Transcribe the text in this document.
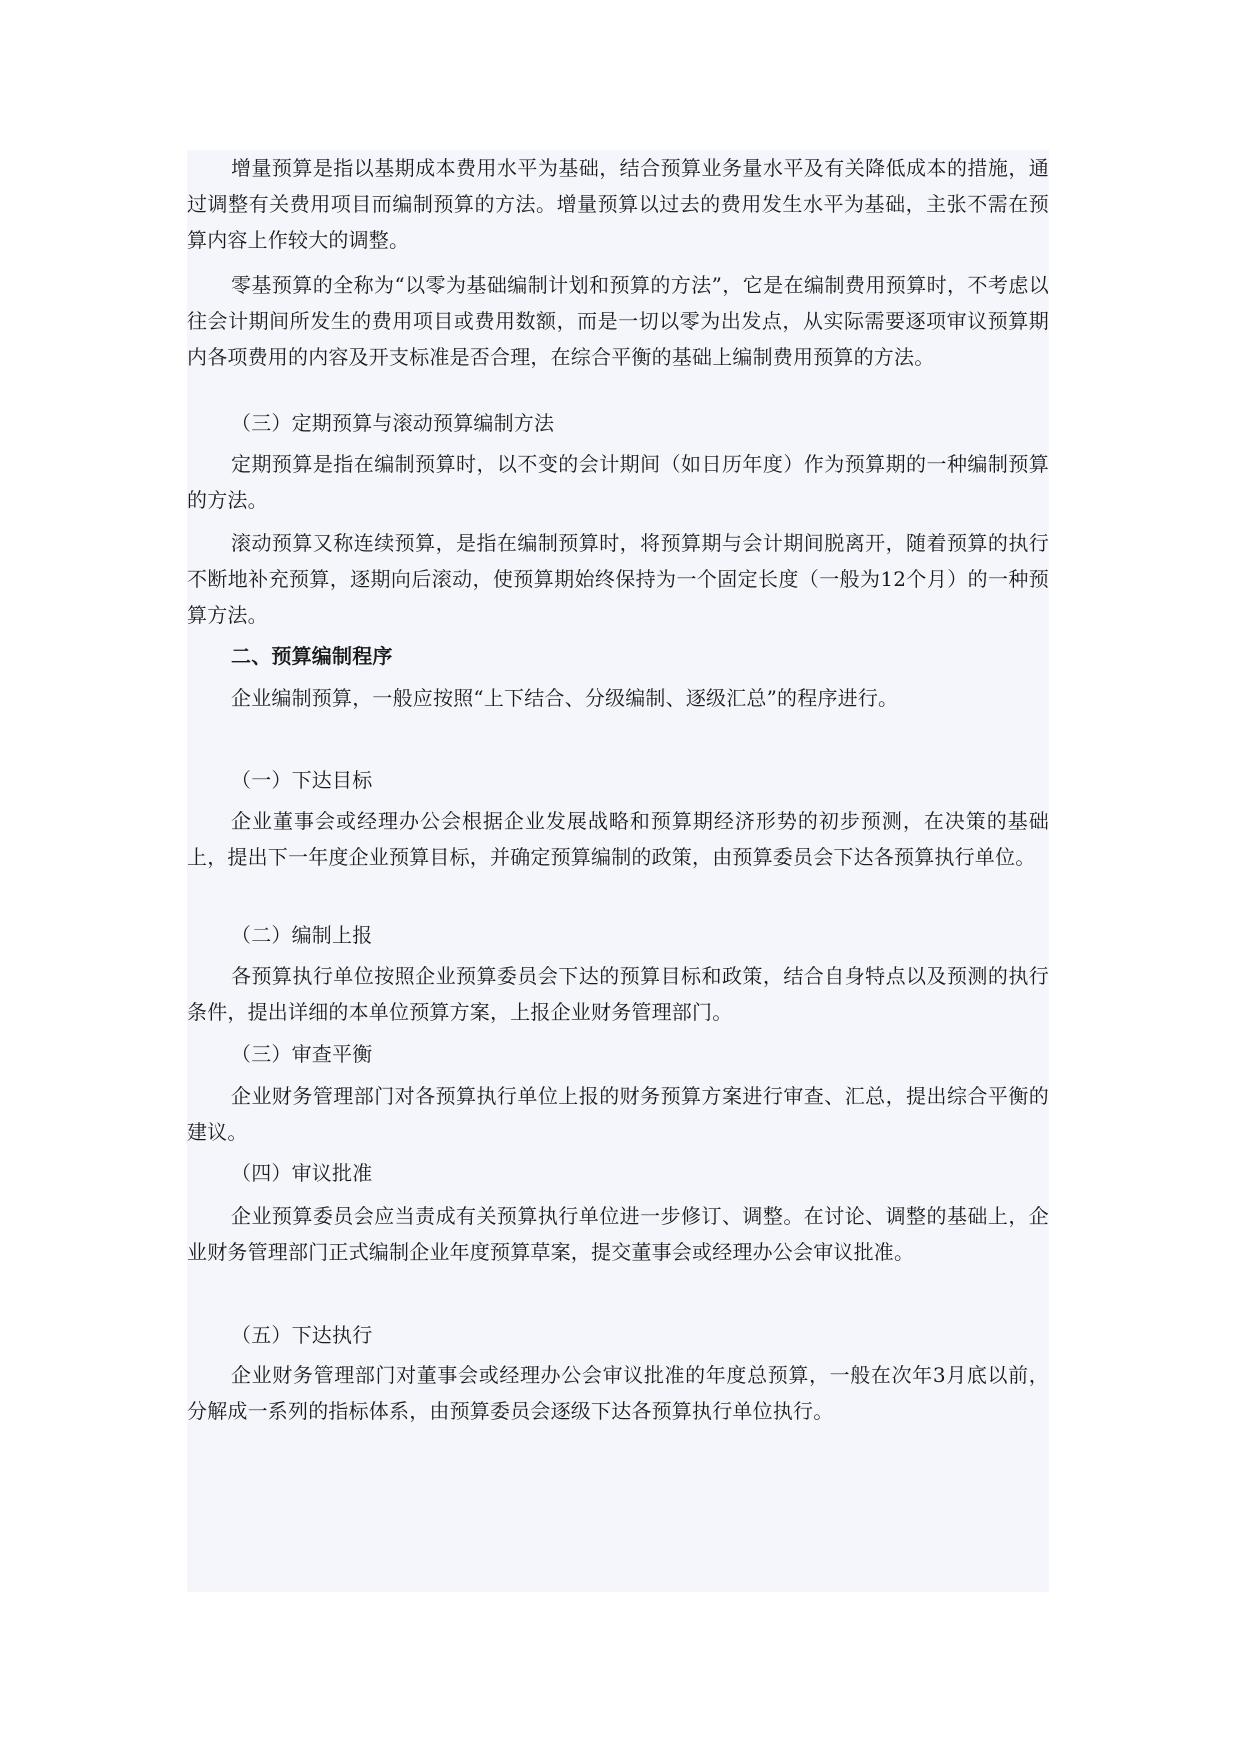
增量预算是指以基期成本费用水平为基础，结合预算业务量水平及有关降低成本的措施，通过调整有关费用项目而编制预算的方法。增量预算以过去的费用发生水平为基础，主张不需在预算内容上作较大的调整。
零基预算的全称为“以零为基础编制计划和预算的方法”，它是在编制费用预算时，不考虑以往会计期间所发生的费用项目或费用数额，而是一切以零为出发点，从实际需要逐项审议预算期内各项费用的内容及开支标准是否合理，在综合平衡的基础上编制费用预算的方法。
（三）定期预算与滚动预算编制方法
定期预算是指在编制预算时，以不变的会计期间（如日历年度）作为预算期的一种编制预算的方法。
滚动预算又称连续预算，是指在编制预算时，将预算期与会计期间脱离开，随着预算的执行不断地补充预算，逐期向后滚动，使预算期始终保持为一个固定长度（一般为12个月）的一种预算方法。
二、预算编制程序
企业编制预算，一般应按照“上下结合、分级编制、逐级汇总”的程序进行。
（一）下达目标
企业董事会或经理办公会根据企业发展战略和预算期经济形势的初步预测，在决策的基础上，提出下一年度企业预算目标，并确定预算编制的政策，由预算委员会下达各预算执行单位。
（二）编制上报
各预算执行单位按照企业预算委员会下达的预算目标和政策，结合自身特点以及预测的执行条件，提出详细的本单位预算方案，上报企业财务管理部门。
（三）审查平衡
企业财务管理部门对各预算执行单位上报的财务预算方案进行审查、汇总，提出综合平衡的建议。
（四）审议批准
企业预算委员会应当责成有关预算执行单位进一步修订、调整。在讨论、调整的基础上，企业财务管理部门正式编制企业年度预算草案，提交董事会或经理办公会审议批准。
（五）下达执行
企业财务管理部门对董事会或经理办公会审议批准的年度总预算，一般在次年3月底以前，分解成一系列的指标体系，由预算委员会逐级下达各预算执行单位执行。
